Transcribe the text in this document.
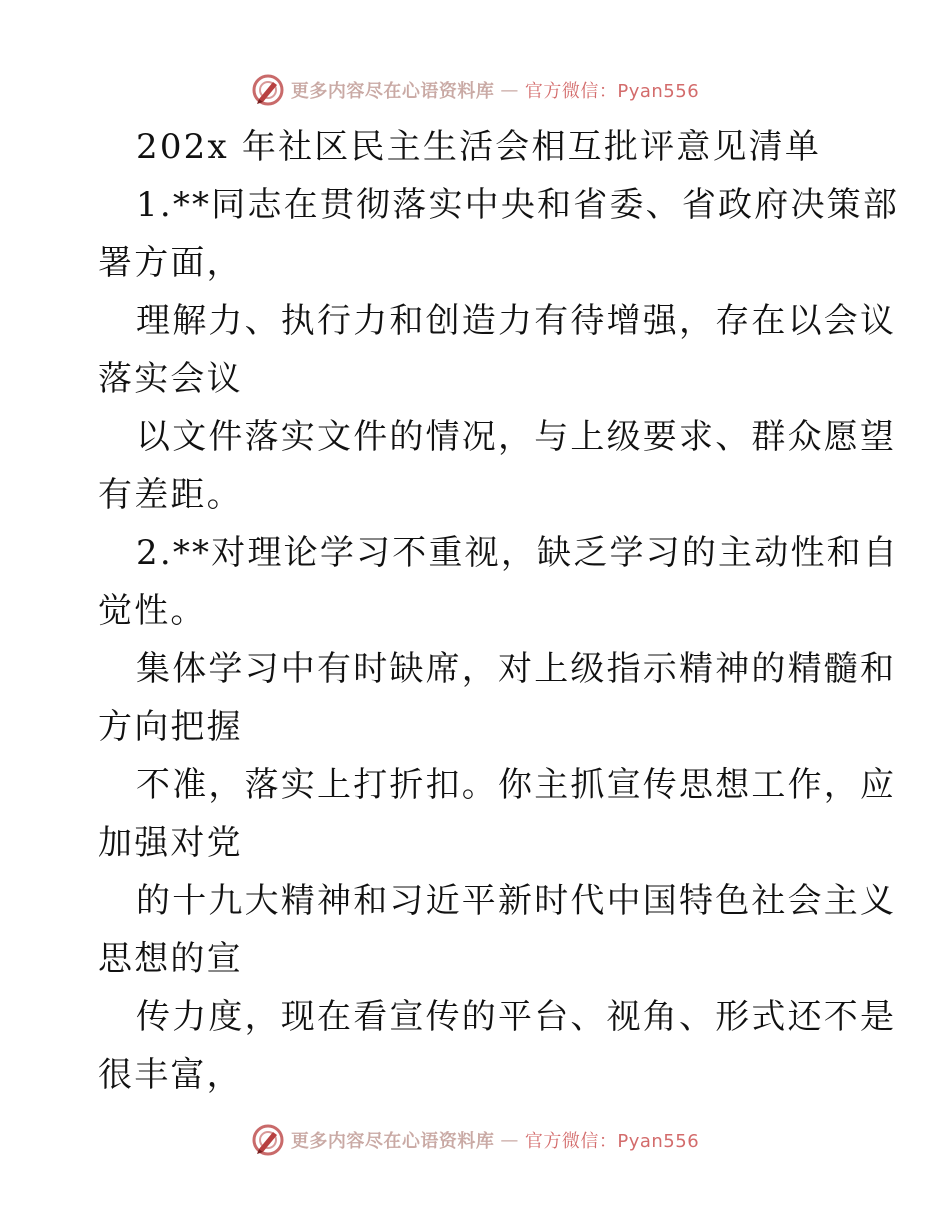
更多内容尽在心语资料库 — 官方微信：Pyan556
202x 年社区民主生活会相互批评意见清单
1.**同志在贯彻落实中央和省委、省政府决策部
署方面，
理解力、执行力和创造力有待增强，存在以会议
落实会议
以文件落实文件的情况，与上级要求、群众愿望
有差距。
2.**对理论学习不重视，缺乏学习的主动性和自
觉性。
集体学习中有时缺席，对上级指示精神的精髓和
方向把握
不准，落实上打折扣。你主抓宣传思想工作，应
加强对党
的十九大精神和习近平新时代中国特色社会主义
思想的宣
传力度，现在看宣传的平台、视角、形式还不是
很丰富，
更多内容尽在心语资料库 — 官方微信：Pyan556
